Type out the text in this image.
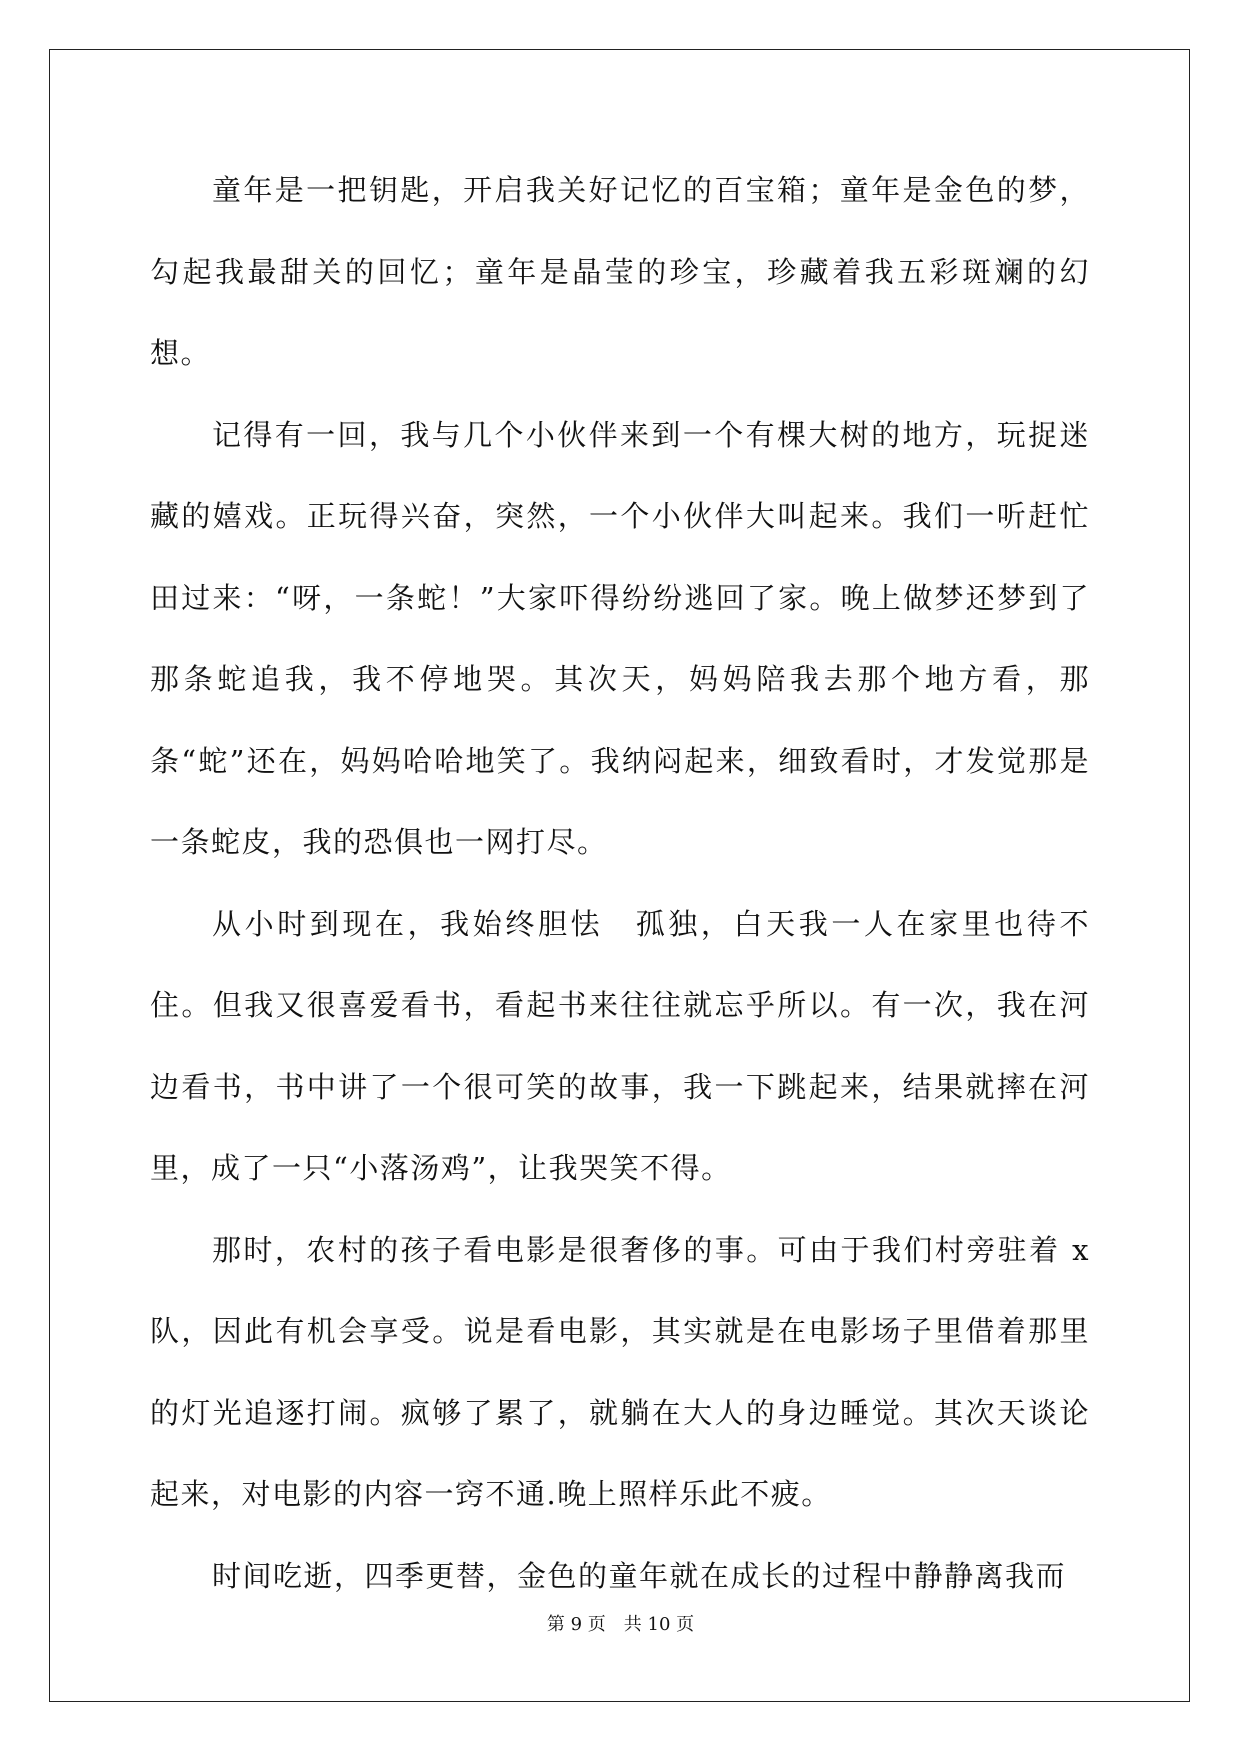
童年是一把钥匙，开启我关好记忆的百宝箱；童年是金色的梦，勾起我最甜关的回忆；童年是晶莹的珍宝，珍藏着我五彩斑斓的幻想。

记得有一回，我与几个小伙伴来到一个有棵大树的地方，玩捉迷藏的嬉戏。正玩得兴奋，突然，一个小伙伴大叫起来。我们一听赶忙田过来：“呀，一条蛇！”大家吓得纷纷逃回了家。晚上做梦还梦到了那条蛇追我，我不停地哭。其次天，妈妈陪我去那个地方看，那条“蛇”还在，妈妈哈哈地笑了。我纳闷起来，细致看时，才发觉那是一条蛇皮，我的恐俱也一网打尽。

从小时到现在，我始终胆怯　孤独，白天我一人在家里也待不住。但我又很喜爱看书，看起书来往往就忘乎所以。有一次，我在河边看书，书中讲了一个很可笑的故事，我一下跳起来，结果就摔在河里，成了一只“小落汤鸡”，让我哭笑不得。

那时，农村的孩子看电影是很奢侈的事。可由于我们村旁驻着 x 队，因此有机会享受。说是看电影，其实就是在电影场子里借着那里的灯光追逐打闹。疯够了累了，就躺在大人的身边睡觉。其次天谈论起来，对电影的内容一窍不通.晚上照样乐此不疲。

时间吃逝，四季更替，金色的童年就在成长的过程中静静离我而

第 9 页　共 10 页
